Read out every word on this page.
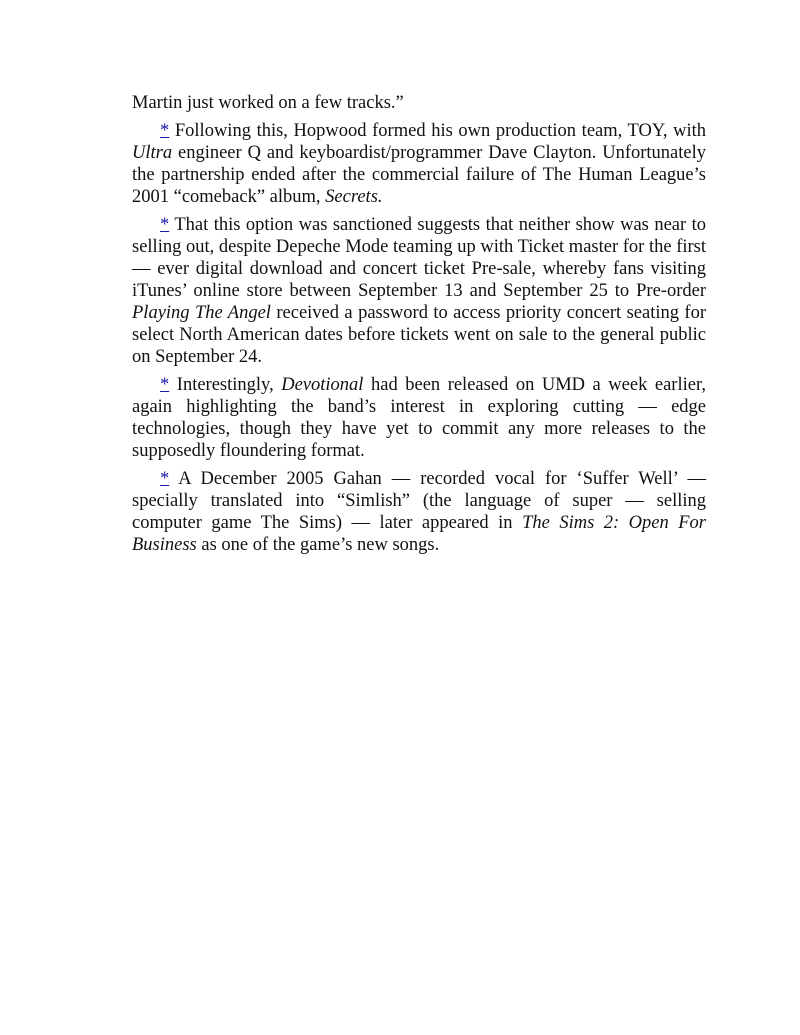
Martin just worked on a few tracks.”

* Following this, Hopwood formed his own production team, TOY, with Ultra engineer Q and keyboardist/programmer Dave Clayton. Unfortunately the partnership ended after the commercial failure of The Human League’s 2001 “comeback” album, Secrets.

* That this option was sanctioned suggests that neither show was near to selling out, despite Depeche Mode teaming up with Ticket master for the first — ever digital download and concert ticket Pre-sale, whereby fans visiting iTunes’ online store between September 13 and September 25 to Pre-order Playing The Angel received a password to access priority concert seating for select North American dates before tickets went on sale to the general public on September 24.

* Interestingly, Devotional had been released on UMD a week earlier, again highlighting the band’s interest in exploring cutting — edge technologies, though they have yet to commit any more releases to the supposedly floundering format.

* A December 2005 Gahan — recorded vocal for ‘Suffer Well’ — specially translated into “Simlish” (the language of super — selling computer game The Sims) — later appeared in The Sims 2: Open For Business as one of the game’s new songs.
